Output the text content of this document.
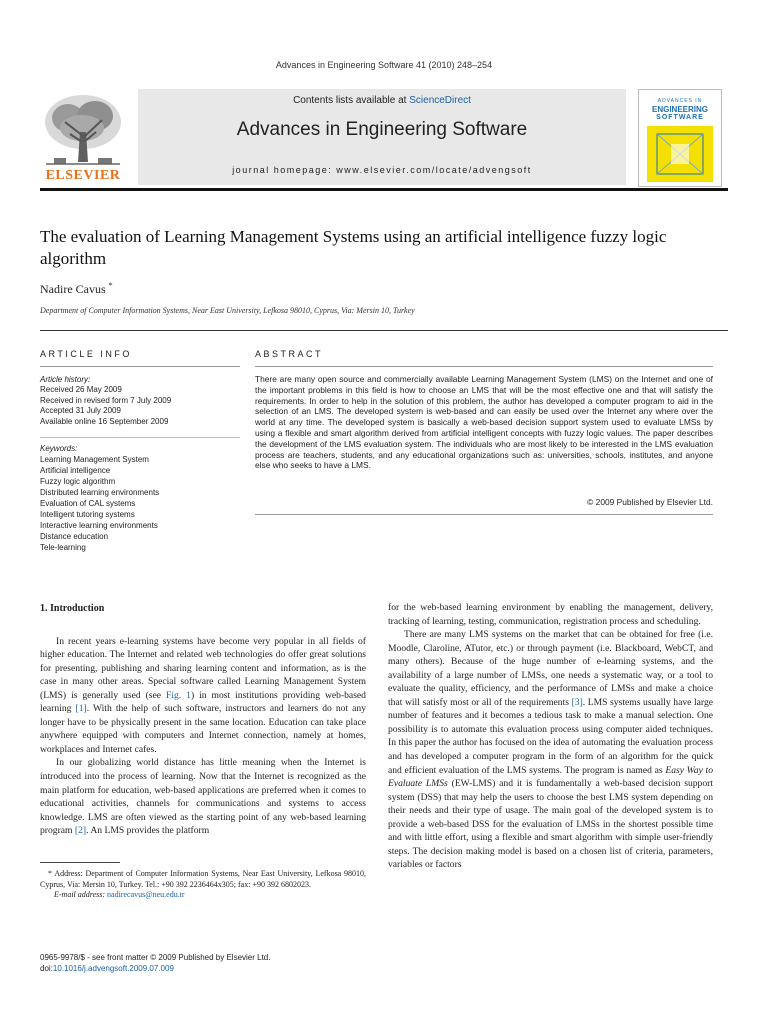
Advances in Engineering Software 41 (2010) 248–254
ELSEVIER
Contents lists available at ScienceDirect
Advances in Engineering Software
journal homepage: www.elsevier.com/locate/advengsoft
ADVANCES IN
ENGINEERING
SOFTWARE
The evaluation of Learning Management Systems using an artificial intelligence fuzzy logic algorithm
Nadire Cavus *
Department of Computer Information Systems, Near East University, Lefkosa 98010, Cyprus, Via: Mersin 10, Turkey
ARTICLE INFO	ABSTRACT
Article history:
Received 26 May 2009
Received in revised form 7 July 2009
Accepted 31 July 2009
Available online 16 September 2009
Keywords:
Learning Management System
Artificial intelligence
Fuzzy logic algorithm
Distributed learning environments
Evaluation of CAL systems
Intelligent tutoring systems
Interactive learning environments
Distance education
Tele-learning
There are many open source and commercially available Learning Management System (LMS) on the Internet and one of the important problems in this field is how to choose an LMS that will be the most effective one and that will satisfy the requirements. In order to help in the solution of this problem, the author has developed a computer program to aid in the selection of an LMS. The developed system is web-based and can easily be used over the Internet any where over the world at any time. The developed system is basically a web-based decision support system used to evaluate LMSs by using a flexible and smart algorithm derived from artificial intelligent concepts with fuzzy logic values. The paper describes the development of the LMS evaluation system. The individuals who are most likely to be interested in the LMS evaluation process are teachers, students, and any educational organizations such as: universities, schools, institutes, and anyone else who seeks to have a LMS.
© 2009 Published by Elsevier Ltd.

1. Introduction

In recent years e-learning systems have become very popular in all fields of higher education. The Internet and related web technologies do offer great solutions for presenting, publishing and sharing learning content and information, as is the case in many other areas. Special software called Learning Management System (LMS) is generally used (see Fig. 1) in most institutions providing web-based learning [1]. With the help of such software, instructors and learners do not any longer have to be physically present in the same location. Education can take place anywhere equipped with computers and Internet connection, namely at homes, workplaces and Internet cafes.

In our globalizing world distance has little meaning when the Internet is introduced into the process of learning. Now that the Internet is recognized as the main platform for education, web-based applications are preferred when it comes to educational activities, channels for communications and systems to access knowledge. LMS are often viewed as the starting point of any web-based learning program [2]. An LMS provides the platform

for the web-based learning environment by enabling the management, delivery, tracking of learning, testing, communication, registration process and scheduling.

There are many LMS systems on the market that can be obtained for free (i.e. Moodle, Claroline, ATutor, etc.) or through payment (i.e. Blackboard, WebCT, and many others). Because of the huge number of e-learning systems, and the availability of a large number of LMSs, one needs a systematic way, or a tool to evaluate the quality, efficiency, and the performance of LMSs and make a choice that will satisfy most or all of the requirements [3]. LMS systems usually have large number of features and it becomes a tedious task to make a manual selection. One possibility is to automate this evaluation process using computer aided techniques. In this paper the author has focused on the idea of automating the evaluation process and has developed a computer program in the form of an algorithm for the quick and efficient evaluation of the LMS systems. The program is named as Easy Way to Evaluate LMSs (EW-LMS) and it is fundamentally a web-based decision support system (DSS) that may help the users to choose the best LMS system depending on their needs and their type of usage. The main goal of the developed system is to provide a web-based DSS for the evaluation of LMSs in the shortest possible time and with little effort, using a flexible and smart algorithm with simple user-friendly steps. The decision making model is based on a chosen list of criteria, parameters, variables or factors

* Address: Department of Computer Information Systems, Near East University, Lefkosa 98010, Cyprus, Via: Mersin 10, Turkey. Tel.: +90 392 2236464x305; fax: +90 392 6802023.
E-mail address: nadirecavus@neu.edu.tr
0965-9978/$ - see front matter © 2009 Published by Elsevier Ltd.
doi:10.1016/j.advengsoft.2009.07.009
